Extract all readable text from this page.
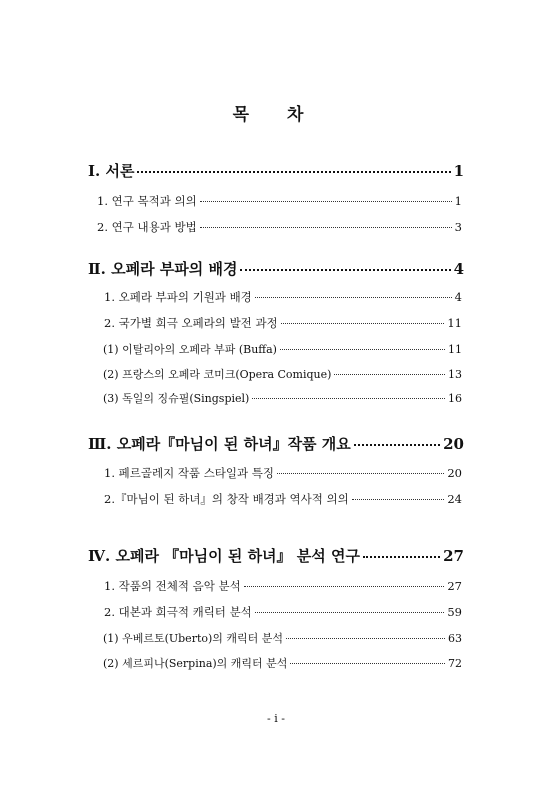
목 차
Ⅰ. 서론	1
1. 연구 목적과 의의	1
2. 연구 내용과 방법	3
Ⅱ. 오페라 부파의 배경	4
1. 오페라 부파의 기원과 배경	4
2. 국가별 희극 오페라의 발전 과정	11
(1) 이탈리아의 오페라 부파 (Buffa)	11
(2) 프랑스의 오페라 코미크(Opera Comique)	13
(3) 독일의 징슈필(Singspiel)	16
Ⅲ. 오페라『마님이 된 하녀』작품 개요	20
1. 페르골레지 작품 스타일과 특징	20
2.『마님이 된 하녀』의 창작 배경과 역사적 의의	24
Ⅳ. 오페라 『마님이 된 하녀』 분석 연구	27
1. 작품의 전체적 음악 분석	27
2. 대본과 희극적 캐릭터 분석	59
(1) 우베르토(Uberto)의 캐릭터 분석	63
(2) 세르피나(Serpina)의 캐릭터 분석	72
- i -
